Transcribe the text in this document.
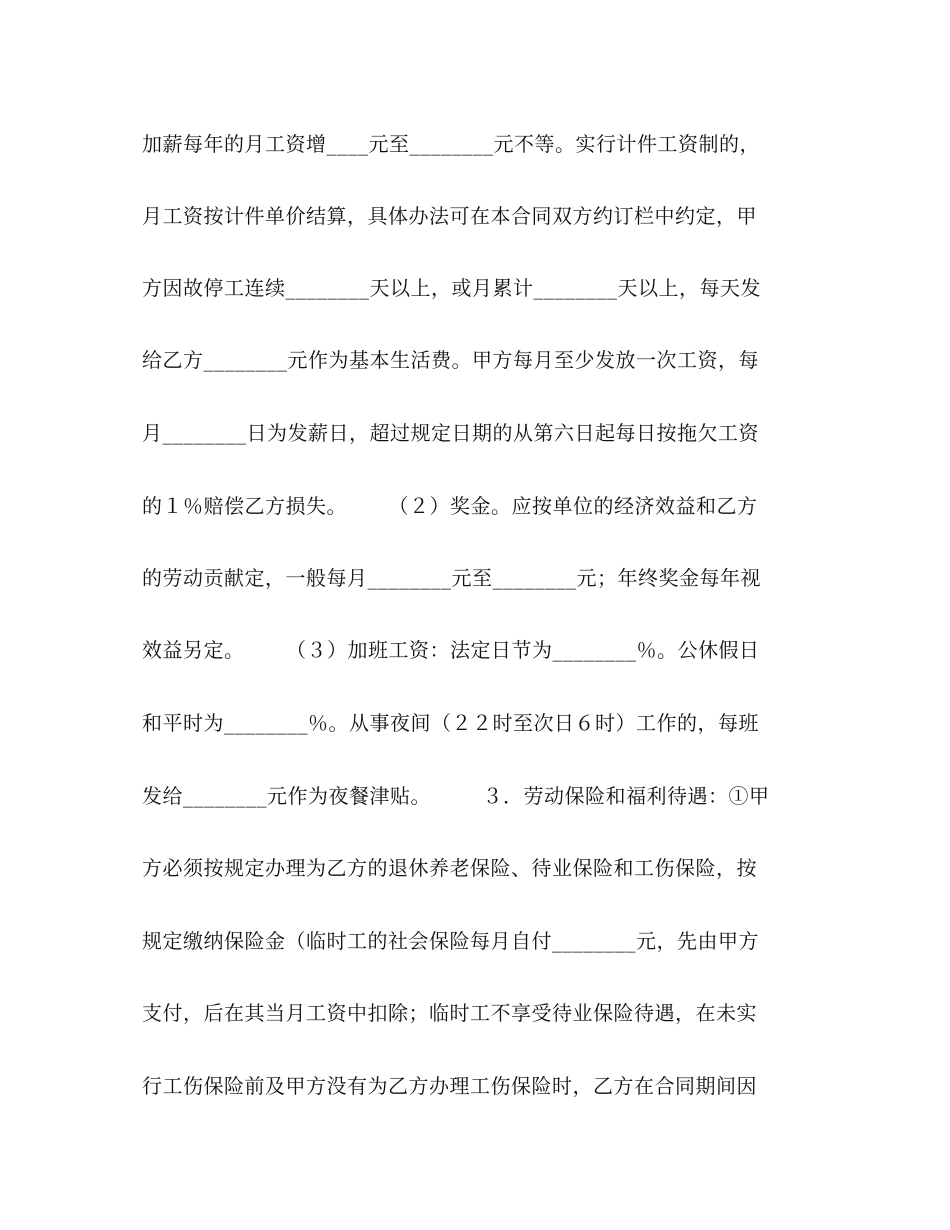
加薪每年的月工资增____元至________元不等。实行计件工资制的，
月工资按计件单价结算，具体办法可在本合同双方约订栏中约定，甲
方因故停工连续________天以上，或月累计________天以上，每天发
给乙方________元作为基本生活费。甲方每月至少发放一次工资，每
月________日为发薪日，超过规定日期的从第六日起每日按拖欠工资
的１％赔偿乙方损失。　　　（２）奖金。应按单位的经济效益和乙方
的劳动贡献定，一般每月________元至________元；年终奖金每年视
效益另定。　　　（３）加班工资：法定日节为________％。公休假日
和平时为________％。从事夜间（２２时至次日６时）工作的，每班
发给________元作为夜餐津贴。　　　３．劳动保险和福利待遇：①甲
方必须按规定办理为乙方的退休养老保险、待业保险和工伤保险，按
规定缴纳保险金（临时工的社会保险每月自付________元，先由甲方
支付，后在其当月工资中扣除；临时工不享受待业保险待遇，在未实
行工伤保险前及甲方没有为乙方办理工伤保险时，乙方在合同期间因
